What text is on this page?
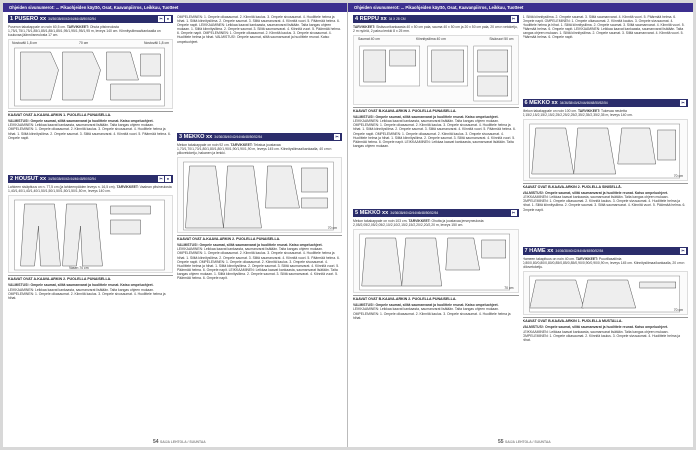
Ohjeiden sivunumerot: ... Pikaohjeiden käyttö, Osat, Kaavanpiirros, Leikkuu, Tuotteet
1 PUSERO xx 34/36/38/40/42/44/46/48/50/52/54	✂	●
Puseron takakappale on noin 60,5 cm. TARVIKKEET: Ohuta pitsineulosta 1,75/1,75/1,75/1,85/1,85/1,85/1,85/1,95/1,95/1,95/1,95 m, leveys 140 cm. Kiinnitysliimaa/kankaalla on kuuluvaa jäännösneulosta 17 cm.
Nostoväli 1,8 cm	70 cm	Nostoväli 1,8 cm
KAAVAT OVAT A-KAAVA-ARKIN 1. PUOLELLA PUNAISELLA.
VALMISTUS!: Ompele saumat, silitä saumanvarat ja huolittele reunat. Katso ompeluohjeet. LEIKKAAMINEN: Leikkaa kaavat kankaasta, saumanvarat lisätään. Taita kangas ohjeen mukaan. OMPELEMINEN: 1. Ompele olkasaumat. 2. Kiinnitä kaulus. 3. Ompele sivusaumat. 4. Huolittele helma ja hihat. 1. Silitä kiinnitysliima. 2. Ompele saumat. 3. Silitä saumanvarat. 4. Kiinnitä vuori. 5. Päärmää helma. 6. Ompele napit.
2 HOUSUT xx 34/36/38/40/42/44/46/48/50/52/54	✂	●
Lahkeen sisäpituus on n. 77,5 cm (ja lahkeenpäiden leveys n. 16,5 cm). TARVIKKEET: Vaalean pitsineulosta 1,40/1,40/1,40/1,40/1,50/1,50/1,50/1,50/1,50/1,50 m, leveys 140 cm.
Vasen 70 cm
KAAVAT OVAT A-KAAVA-ARKIN 2. PUOLELLA PUNAISELLA.
VALMISTUS!: Ompele saumat, silitä saumanvarat ja huolittele reunat. Katso ompeluohjeet. LEIKKAAMINEN: Leikkaa kaavat kankaasta, saumanvarat lisätään. Taita kangas ohjeen mukaan. OMPELEMINEN: 1. Ompele olkasaumat. 2. Kiinnitä kaulus. 3. Ompele sivusaumat. 4. Huolittele helma ja hihat.
OMPELEMINEN: 1. Ompele olkasaumat. 2. Kiinnitä kaulus. 3. Ompele sivusaumat. 4. Huolittele helma ja hihat. 1. Silitä kiinnitysliima. 2. Ompele saumat. 3. Silitä saumanvarat. 4. Kiinnitä vuori. 5. Päärmää helma. 6. Ompele napit. LEIKKAAMINEN: Leikkaa kaavat kankaasta, saumanvarat lisätään. Taita kangas ohjeen mukaan. 1. Silitä kiinnitysliima. 2. Ompele saumat. 3. Silitä saumanvarat. 4. Kiinnitä vuori. 5. Päärmää helma. 6. Ompele napit. OMPELEMINEN: 1. Ompele olkasaumat. 2. Kiinnitä kaulus. 3. Ompele sivusaumat. 4. Huolittele helma ja hihat. VALMISTUS!: Ompele saumat, silitä saumanvarat ja huolittele reunat. Katso ompeluohjeet.
3 MEKKO xx 34/36/38/40/42/44/46/48/50/52/54	✂
Mekon takakappale on noin 92 cm. TARVIKKEET: Tekstua joustavaa 1,70/1,70/1,70/1,80/1,80/1,80/1,90/1,90/1,90/1,90 m, leveys 145 cm. Kiinnitysliimaa/kankaalla, 40 cm:n piilovetoketju, hakanen ja lenkki.
70 cm
KAAVAT OVAT A-KAAVA-ARKIN 2. PUOLELLA PUNAISELLA.
VALMISTUS!: Ompele saumat, silitä saumanvarat ja huolittele reunat. Katso ompeluohjeet. LEIKKAAMINEN: Leikkaa kaavat kankaasta, saumanvarat lisätään. Taita kangas ohjeen mukaan. OMPELEMINEN: 1. Ompele olkasaumat. 2. Kiinnitä kaulus. 3. Ompele sivusaumat. 4. Huolittele helma ja hihat. 1. Silitä kiinnitysliima. 2. Ompele saumat. 3. Silitä saumanvarat. 4. Kiinnitä vuori. 5. Päärmää helma. 6. Ompele napit. OMPELEMINEN: 1. Ompele olkasaumat. 2. Kiinnitä kaulus. 3. Ompele sivusaumat. 4. Huolittele helma ja hihat. 1. Silitä kiinnitysliima. 2. Ompele saumat. 3. Silitä saumanvarat. 4. Kiinnitä vuori. 5. Päärmää helma. 6. Ompele napit. LEIKKAAMINEN: Leikkaa kaavat kankaasta, saumanvarat lisätään. Taita kangas ohjeen mukaan. 1. Silitä kiinnitysliima. 2. Ompele saumat. 3. Silitä saumanvarat. 4. Kiinnitä vuori. 5. Päärmää helma. 6. Ompele napit.
54 SAIJA LEHTOLA / SUUNTAA
Ohjeiden sivunumerot: ... Pikaohjeiden käyttö, Osat, Kaavanpiirros, Leikkuu, Tuotteet
4 REPPU xx 34 X 28 CM	✂
TARVIKKEET: Sisävuorikankaasta 40 x 50 cm pala, sauma 40 x 50 cm ja 20 x 50 cm pala, 20 cm:n vetoketju, 2 m nyöriä, 2 paksu lenkki 8 x 25 mm.
Saumat 40 cm	Kiinnitysliima 40 cm	Sisävuori 50 cm
KAAVAT OVAT B-KAAVA-ARKIN 2. PUOLELLA PUNAISELLA.
VALMISTUS!: Ompele saumat, silitä saumanvarat ja huolittele reunat. Katso ompeluohjeet. LEIKKAAMINEN: Leikkaa kaavat kankaasta, saumanvarat lisätään. Taita kangas ohjeen mukaan. OMPELEMINEN: 1. Ompele olkasaumat. 2. Kiinnitä kaulus. 3. Ompele sivusaumat. 4. Huolittele helma ja hihat. 1. Silitä kiinnitysliima. 2. Ompele saumat. 3. Silitä saumanvarat. 4. Kiinnitä vuori. 5. Päärmää helma. 6. Ompele napit. OMPELEMINEN: 1. Ompele olkasaumat. 2. Kiinnitä kaulus. 3. Ompele sivusaumat. 4. Huolittele helma ja hihat. 1. Silitä kiinnitysliima. 2. Ompele saumat. 3. Silitä saumanvarat. 4. Kiinnitä vuori. 5. Päärmää helma. 6. Ompele napit. LEIKKAAMINEN: Leikkaa kaavat kankaasta, saumanvarat lisätään. Taita kangas ohjeen mukaan.
5 MEKKO xx 34/36/38/40/42/44/46/48/50/52/54	✂
Mekon takakappale on noin 103 cm. TARVIKKEET: Ohutta ja joustavaa jerseyneulosta 2,05/2,05/2,05/2,05/2,10/2,10/2,15/2,15/2,20/2,20/2,20 m, leveys 150 cm.
70 cm
KAAVAT OVAT B-KAAVA-ARKIN 2. PUOLELLA PUNAISELLA.
VALMISTUS!: Ompele saumat, silitä saumanvarat ja huolittele reunat. Katso ompeluohjeet. LEIKKAAMINEN: Leikkaa kaavat kankaasta, saumanvarat lisätään. Taita kangas ohjeen mukaan. OMPELEMINEN: 1. Ompele olkasaumat. 2. Kiinnitä kaulus. 3. Ompele sivusaumat. 4. Huolittele helma ja hihat.
1. Silitä kiinnitysliima. 2. Ompele saumat. 3. Silitä saumanvarat. 4. Kiinnitä vuori. 5. Päärmää helma. 6. Ompele napit. OMPELEMINEN: 1. Ompele olkasaumat. 2. Kiinnitä kaulus. 3. Ompele sivusaumat. 4. Huolittele helma ja hihat. 1. Silitä kiinnitysliima. 2. Ompele saumat. 3. Silitä saumanvarat. 4. Kiinnitä vuori. 5. Päärmää helma. 6. Ompele napit. LEIKKAAMINEN: Leikkaa kaavat kankaasta, saumanvarat lisätään. Taita kangas ohjeen mukaan. 1. Silitä kiinnitysliima. 2. Ompele saumat. 3. Silitä saumanvarat. 4. Kiinnitä vuori. 5. Päärmää helma. 6. Ompele napit.
6 MEKKO xx 34/36/38/40/42/44/46/48/50/52/54	✂
Mekon takakappale on noin 100 cm. TARVIKKEET: Tukevaa neuletta 2,15/2,15/2,15/2,15/2,25/2,25/2,25/2,35/2,35/2,35/2,35 m, leveys 140 cm.
70 cm
KAAVAT OVAT B-KAAVA-ARKIN 2. PUOLELLA SINISELLÄ.
VALMISTUS!: Ompele saumat, silitä saumanvarat ja huolittele reunat. Katso ompeluohjeet. LEIKKAAMINEN: Leikkaa kaavat kankaasta, saumanvarat lisätään. Taita kangas ohjeen mukaan. OMPELEMINEN: 1. Ompele olkasaumat. 2. Kiinnitä kaulus. 3. Ompele sivusaumat. 4. Huolittele helma ja hihat. 1. Silitä kiinnitysliima. 2. Ompele saumat. 3. Silitä saumanvarat. 4. Kiinnitä vuori. 5. Päärmää helma. 6. Ompele napit.
7 HAME xx 34/36/38/40/42/44/46/48/50/52/54	✂
Hameen takapituus on noin 40 cm. TARVIKKEET: Puuvillasatiinia 0,80/0,80/0,80/0,80/0,85/0,85/0,85/0,90/0,90/0,90/0,90 m, leveys 145 cm. Kiinnitysliimaa/kankaalla, 20 cm:n piilovetoketju.
70 cm
KAAVAT OVAT B-KAAVA-ARKIN 1. PUOLELLA MUSTALLA.
VALMISTUS!: Ompele saumat, silitä saumanvarat ja huolittele reunat. Katso ompeluohjeet. LEIKKAAMINEN: Leikkaa kaavat kankaasta, saumanvarat lisätään. Taita kangas ohjeen mukaan. OMPELEMINEN: 1. Ompele olkasaumat. 2. Kiinnitä kaulus. 3. Ompele sivusaumat. 4. Huolittele helma ja hihat.
55 SAIJA LEHTOLA / SUUNTAA
